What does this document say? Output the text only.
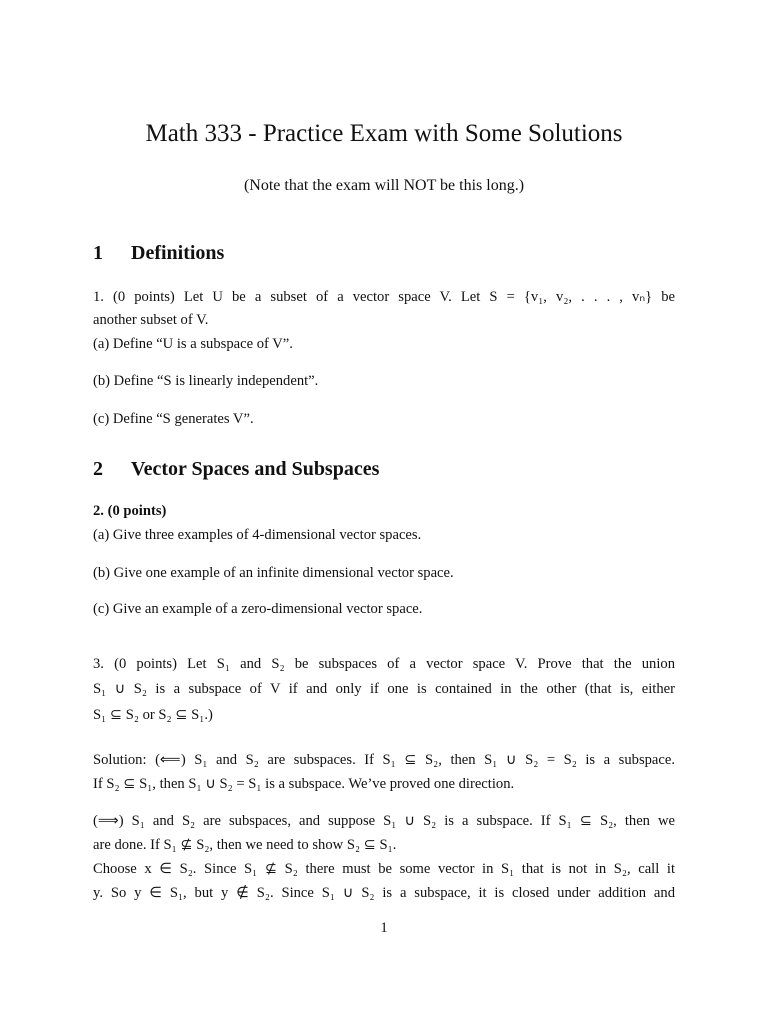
Math 333 - Practice Exam with Some Solutions
(Note that the exam will NOT be this long.)
1 Definitions
1. (0 points) Let U be a subset of a vector space V. Let S = {v₁, v₂, . . . , vₙ} be
another subset of V.
(a) Define “U is a subspace of V”.
(b) Define “S is linearly independent”.
(c) Define “S generates V”.
2 Vector Spaces and Subspaces
2. (0 points)
(a) Give three examples of 4-dimensional vector spaces.
(b) Give one example of an infinite dimensional vector space.
(c) Give an example of a zero-dimensional vector space.
3. (0 points) Let S₁ and S₂ be subspaces of a vector space V. Prove that the union
S₁ ∪ S₂ is a subspace of V if and only if one is contained in the other (that is, either
S₁ ⊆ S₂ or S₂ ⊆ S₁.)
Solution: (⟸) S₁ and S₂ are subspaces. If S₁ ⊆ S₂, then S₁ ∪ S₂ = S₂ is a subspace.
If S₂ ⊆ S₁, then S₁ ∪ S₂ = S₁ is a subspace. We’ve proved one direction.
(⟹) S₁ and S₂ are subspaces, and suppose S₁ ∪ S₂ is a subspace. If S₁ ⊆ S₂, then we
are done. If S₁ ⊈ S₂, then we need to show S₂ ⊆ S₁.
Choose x ∈ S₂. Since S₁ ⊈ S₂ there must be some vector in S₁ that is not in S₂, call it
y. So y ∈ S₁, but y ∉ S₂. Since S₁ ∪ S₂ is a subspace, it is closed under addition and
1
